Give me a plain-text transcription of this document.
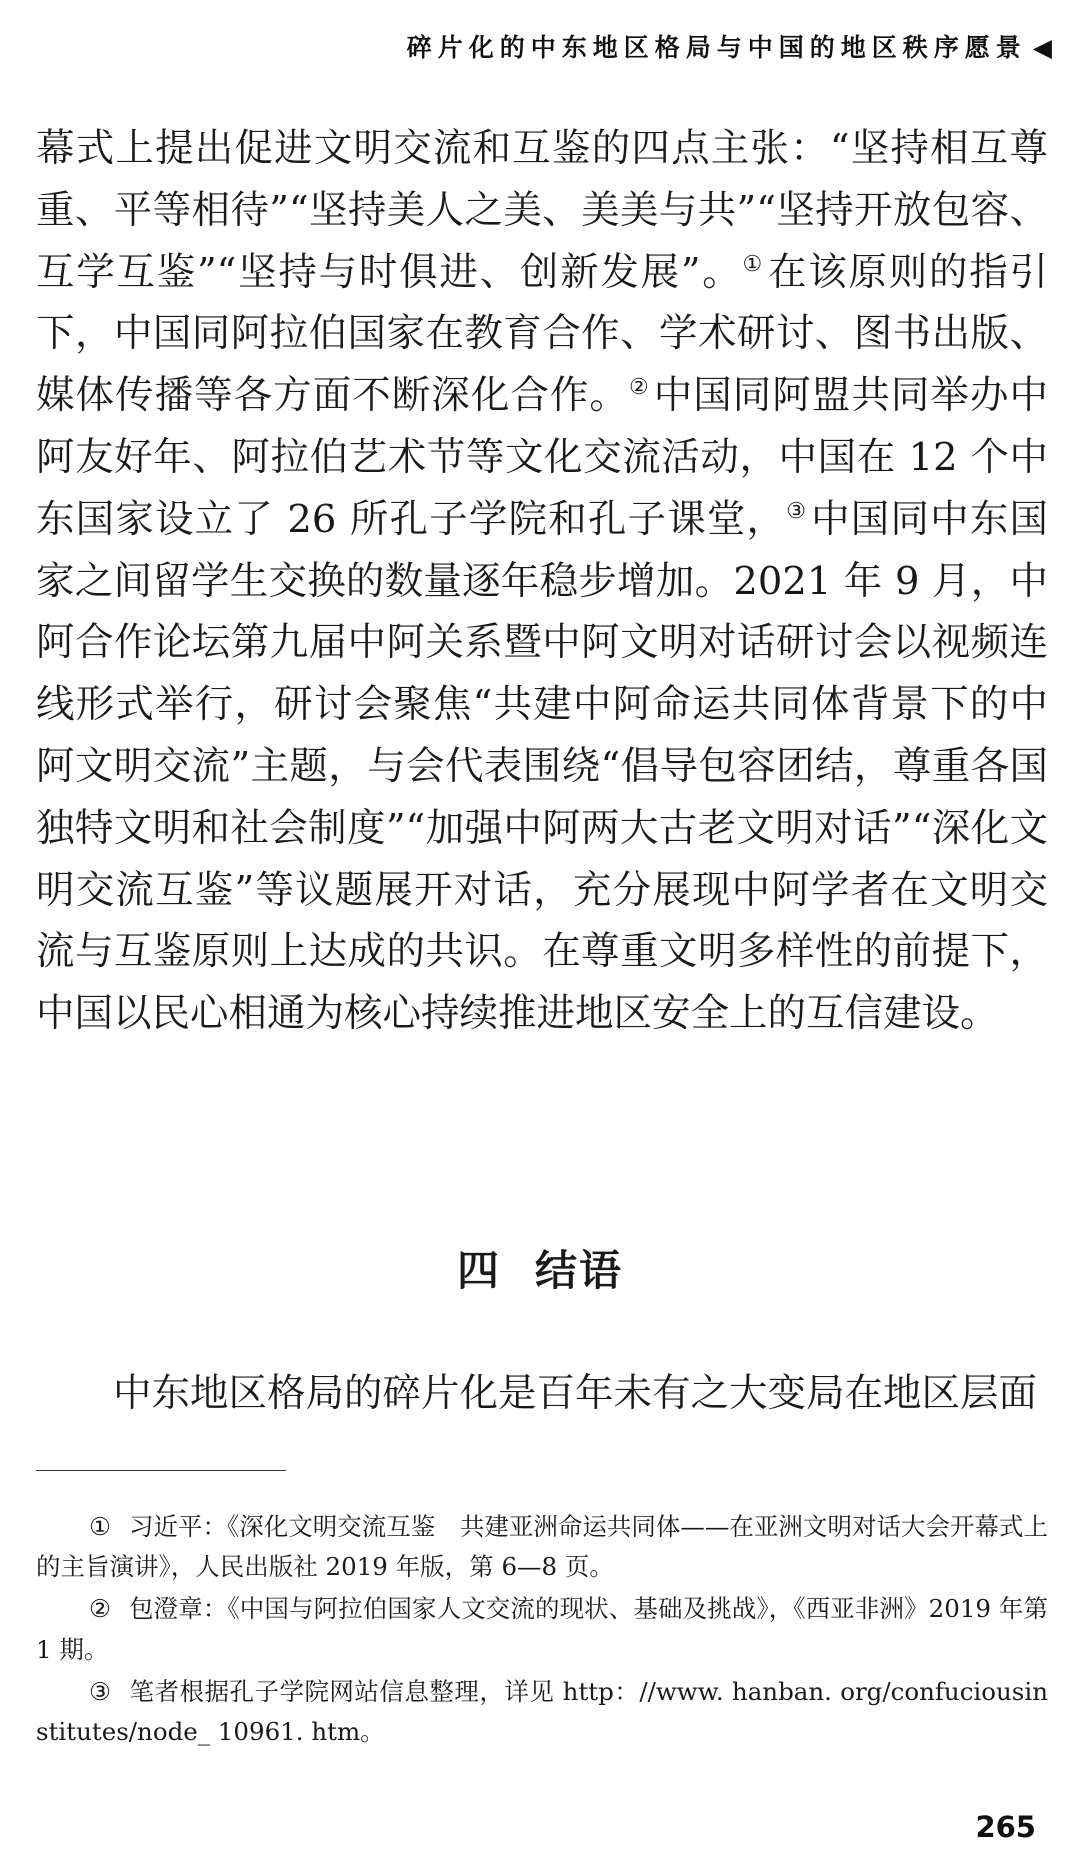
碎片化的中东地区格局与中国的地区秩序愿景 ◀

幕式上提出促进文明交流和互鉴的四点主张：“坚持相互尊重、平等相待”“坚持美人之美、美美与共”“坚持开放包容、互学互鉴”“坚持与时俱进、创新发展”。① 在该原则的指引下，中国同阿拉伯国家在教育合作、学术研讨、图书出版、媒体传播等各方面不断深化合作。② 中国同阿盟共同举办中阿友好年、阿拉伯艺术节等文化交流活动，中国在 12 个中东国家设立了 26 所孔子学院和孔子课堂，③ 中国同中东国家之间留学生交换的数量逐年稳步增加。2021 年 9 月，中阿合作论坛第九届中阿关系暨中阿文明对话研讨会以视频连线形式举行，研讨会聚焦“共建中阿命运共同体背景下的中阿文明交流”主题，与会代表围绕“倡导包容团结，尊重各国独特文明和社会制度”“加强中阿两大古老文明对话”“深化文明交流互鉴”等议题展开对话，充分展现中阿学者在文明交流与互鉴原则上达成的共识。在尊重文明多样性的前提下，中国以民心相通为核心持续推进地区安全上的互信建设。

四 结语

中东地区格局的碎片化是百年未有之大变局在地区层面

① 习近平：《深化文明交流互鉴　共建亚洲命运共同体——在亚洲文明对话大会开幕式上的主旨演讲》，人民出版社 2019 年版，第 6—8 页。

② 包澄章：《中国与阿拉伯国家人文交流的现状、基础及挑战》，《西亚非洲》2019 年第 1 期。

③ 笔者根据孔子学院网站信息整理，详见 http：//www. hanban. org/confuciousinstitutes/node_ 10961. htm。

265
